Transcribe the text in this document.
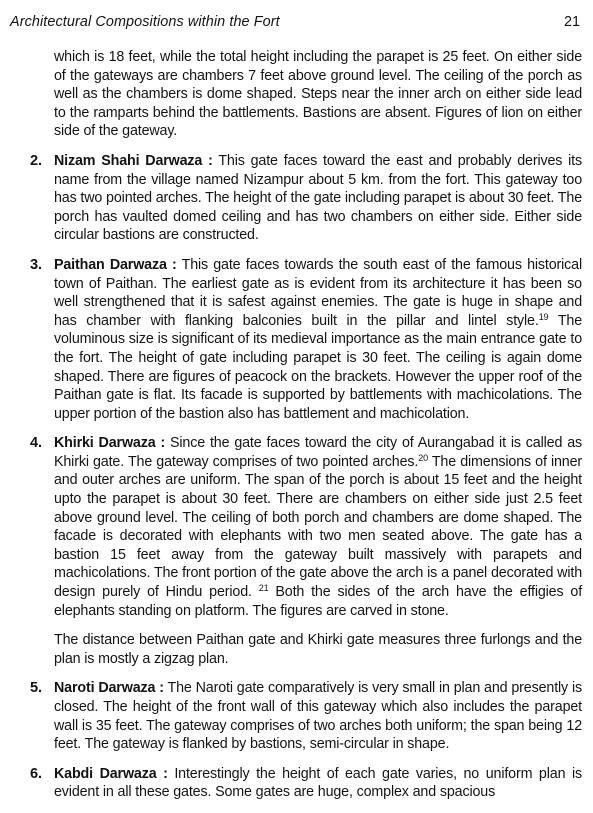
Architectural Compositions within the Fort	21

which is 18 feet, while the total height including the parapet is 25 feet. On either side of the gateways are chambers 7 feet above ground level. The ceiling of the porch as well as the chambers is dome shaped. Steps near the inner arch on either side lead to the ramparts behind the battlements. Bastions are absent. Figures of lion on either side of the gateway.

2. Nizam Shahi Darwaza : This gate faces toward the east and probably derives its name from the village named Nizampur about 5 km. from the fort. This gateway too has two pointed arches. The height of the gate including parapet is about 30 feet. The porch has vaulted domed ceiling and has two chambers on either side. Either side circular bastions are constructed.

3. Paithan Darwaza : This gate faces towards the south east of the famous historical town of Paithan. The earliest gate as is evident from its architecture it has been so well strengthened that it is safest against enemies. The gate is huge in shape and has chamber with flanking balconies built in the pillar and lintel style.$^{19}$ The voluminous size is significant of its medieval importance as the main entrance gate to the fort. The height of gate including parapet is 30 feet. The ceiling is again dome shaped. There are figures of peacock on the brackets. However the upper roof of the Paithan gate is flat. Its facade is supported by battlements with machicolations. The upper portion of the bastion also has battlement and machicolation.

4. Khirki Darwaza : Since the gate faces toward the city of Aurangabad it is called as Khirki gate. The gateway comprises of two pointed arches.$^{20}$ The dimensions of inner and outer arches are uniform. The span of the porch is about 15 feet and the height upto the parapet is about 30 feet. There are chambers on either side just 2.5 feet above ground level. The ceiling of both porch and chambers are dome shaped. The facade is decorated with elephants with two men seated above. The gate has a bastion 15 feet away from the gateway built massively with parapets and machicolations. The front portion of the gate above the arch is a panel decorated with design purely of Hindu period. $^{21}$ Both the sides of the arch have the effigies of elephants standing on platform. The figures are carved in stone.

The distance between Paithan gate and Khirki gate measures three furlongs and the plan is mostly a zigzag plan.

5. Naroti Darwaza : The Naroti gate comparatively is very small in plan and presently is closed. The height of the front wall of this gateway which also includes the parapet wall is 35 feet. The gateway comprises of two arches both uniform; the span being 12 feet. The gateway is flanked by bastions, semi-circular in shape.

6. Kabdi Darwaza : Interestingly the height of each gate varies, no uniform plan is evident in all these gates. Some gates are huge, complex and spacious
